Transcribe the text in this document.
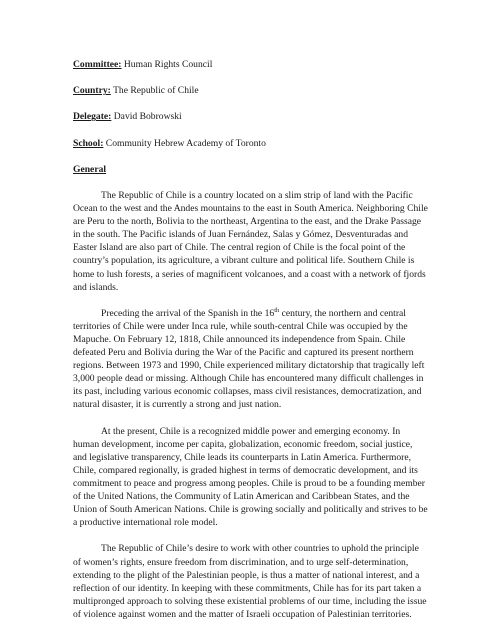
Committee: Human Rights Council

Country: The Republic of Chile

Delegate: David Bobrowski

School: Community Hebrew Academy of Toronto

General

The Republic of Chile is a country located on a slim strip of land with the Pacific Ocean to the west and the Andes mountains to the east in South America. Neighboring Chile are Peru to the north, Bolivia to the northeast, Argentina to the east, and the Drake Passage in the south. The Pacific islands of Juan Fernández, Salas y Gómez, Desventuradas and Easter Island are also part of Chile. The central region of Chile is the focal point of the country’s population, its agriculture, a vibrant culture and political life. Southern Chile is home to lush forests, a series of magnificent volcanoes, and a coast with a network of fjords and islands.

Preceding the arrival of the Spanish in the 16th century, the northern and central territories of Chile were under Inca rule, while south-central Chile was occupied by the Mapuche. On February 12, 1818, Chile announced its independence from Spain. Chile defeated Peru and Bolivia during the War of the Pacific and captured its present northern regions. Between 1973 and 1990, Chile experienced military dictatorship that tragically left 3,000 people dead or missing. Although Chile has encountered many difficult challenges in its past, including various economic collapses, mass civil resistances, democratization, and natural disaster, it is currently a strong and just nation.

At the present, Chile is a recognized middle power and emerging economy. In human development, income per capita, globalization, economic freedom, social justice, and legislative transparency, Chile leads its counterparts in Latin America. Furthermore, Chile, compared regionally, is graded highest in terms of democratic development, and its commitment to peace and progress among peoples. Chile is proud to be a founding member of the United Nations, the Community of Latin American and Caribbean States, and the Union of South American Nations. Chile is growing socially and politically and strives to be a productive international role model.

The Republic of Chile’s desire to work with other countries to uphold the principle of women’s rights, ensure freedom from discrimination, and to urge self-determination, extending to the plight of the Palestinian people, is thus a matter of national interest, and a reflection of our identity. In keeping with these commitments, Chile has for its part taken a multipronged approach to solving these existential problems of our time, including the issue of violence against women and the matter of Israeli occupation of Palestinian territories.
